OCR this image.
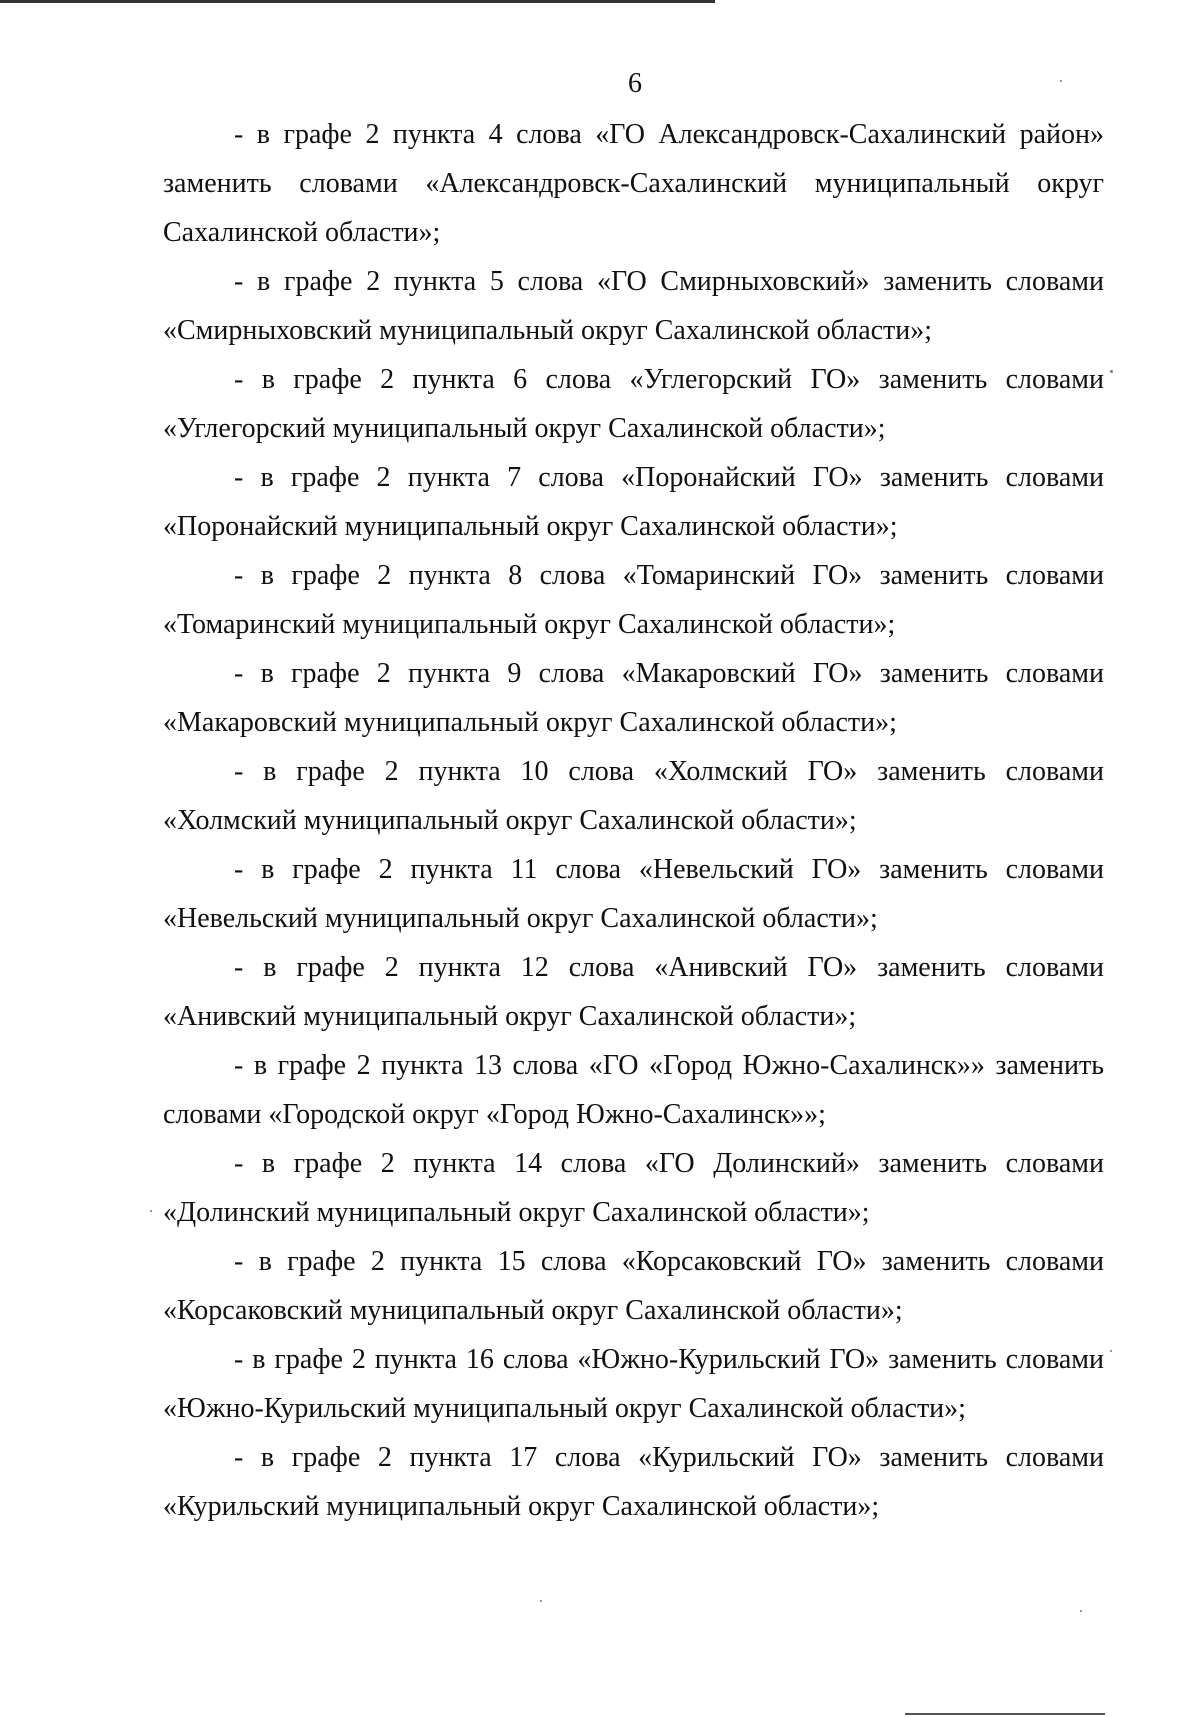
6

- в графе 2 пункта 4 слова «ГО Александровск-Сахалинский район» заменить словами «Александровск-Сахалинский муниципальный округ Сахалинской области»;

- в графе 2 пункта 5 слова «ГО Смирныховский» заменить словами «Смирныховский муниципальный округ Сахалинской области»;

- в графе 2 пункта 6 слова «Углегорский ГО» заменить словами «Углегорский муниципальный округ Сахалинской области»;

- в графе 2 пункта 7 слова «Поронайский ГО» заменить словами «Поронайский муниципальный округ Сахалинской области»;

- в графе 2 пункта 8 слова «Томаринский ГО» заменить словами «Томаринский муниципальный округ Сахалинской области»;

- в графе 2 пункта 9 слова «Макаровский ГО» заменить словами «Макаровский муниципальный округ Сахалинской области»;

- в графе 2 пункта 10 слова «Холмский ГО» заменить словами «Холмский муниципальный округ Сахалинской области»;

- в графе 2 пункта 11 слова «Невельский ГО» заменить словами «Невельский муниципальный округ Сахалинской области»;

- в графе 2 пункта 12 слова «Анивский ГО» заменить словами «Анивский муниципальный округ Сахалинской области»;

- в графе 2 пункта 13 слова «ГО «Город Южно-Сахалинск»» заменить словами «Городской округ «Город Южно-Сахалинск»»;

- в графе 2 пункта 14 слова «ГО Долинский» заменить словами «Долинский муниципальный округ Сахалинской области»;

- в графе 2 пункта 15 слова «Корсаковский ГО» заменить словами «Корсаковский муниципальный округ Сахалинской области»;

- в графе 2 пункта 16 слова «Южно-Курильский ГО» заменить словами «Южно-Курильский муниципальный округ Сахалинской области»;

- в графе 2 пункта 17 слова «Курильский ГО» заменить словами «Курильский муниципальный округ Сахалинской области»;
